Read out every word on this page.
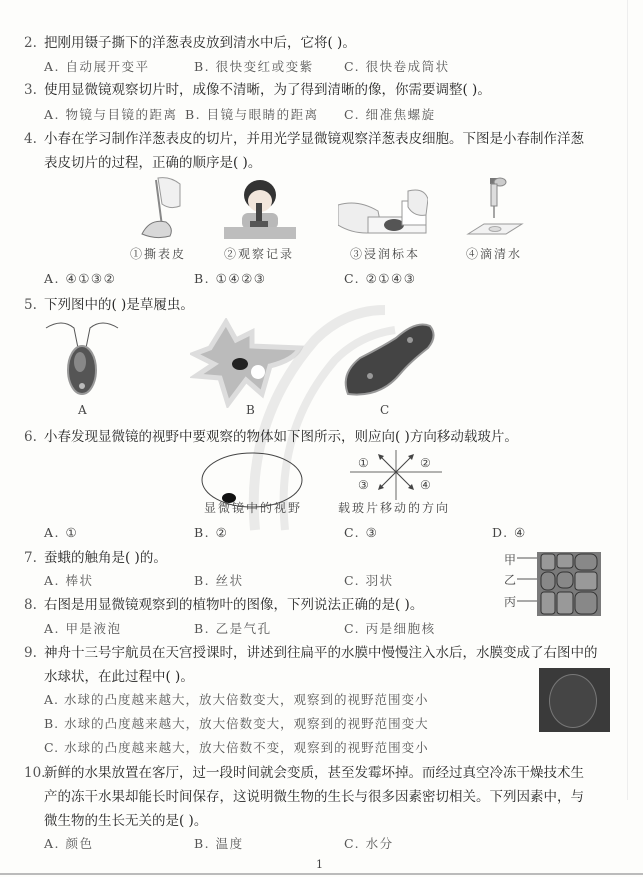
2. 把刚用镊子撕下的洋葱表皮放到清水中后，它将( )。
A. 自动展开变平	B. 很快变红或变紫 C. 很快卷成筒状
3. 使用显微镜观察切片时，成像不清晰，为了得到清晰的像，你需要调整( )。
A. 物镜与目镜的距离 B. 目镜与眼睛的距离 C. 细准焦螺旋
4. 小春在学习制作洋葱表皮的切片，并用光学显微镜观察洋葱表皮细胞。下图是小春制作洋葱
表皮切片的过程，正确的顺序是( )。
①撕表皮	②观察记录	③浸润标本	④滴清水
A. ④①③②	B. ①④②③	C. ②①④③
5. 下列图中的( )是草履虫。
A	B	C
6. 小春发现显微镜的视野中要观察的物体如下图所示，则应向( )方向移动载玻片。
①	②
③	④
显微镜中的视野	载玻片移动的方向
A. ①	B. ②	C. ③	D. ④
7. 蚕蛾的触角是( )的。
A. 棒状	B. 丝状	C. 羽状
8. 右图是用显微镜观察到的植物叶的图像，下列说法正确的是( )。
A. 甲是液泡	B. 乙是气孔	C. 丙是细胞核
甲
乙
丙
9. 神舟十三号宇航员在天宫授课时，讲述到往扁平的水膜中慢慢注入水后，水膜变成了右图中的
水球状，在此过程中( )。
A. 水球的凸度越来越大，放大倍数变大，观察到的视野范围变小
B. 水球的凸度越来越大，放大倍数变大，观察到的视野范围变大
C. 水球的凸度越来越大，放大倍数不变，观察到的视野范围变小
10.新鲜的水果放置在客厅，过一段时间就会变质，甚至发霉坏掉。而经过真空冷冻干燥技术生
产的冻干水果却能长时间保存，这说明微生物的生长与很多因素密切相关。下列因素中，与
微生物的生长无关的是( )。
A. 颜色	B. 温度	C. 水分
1
